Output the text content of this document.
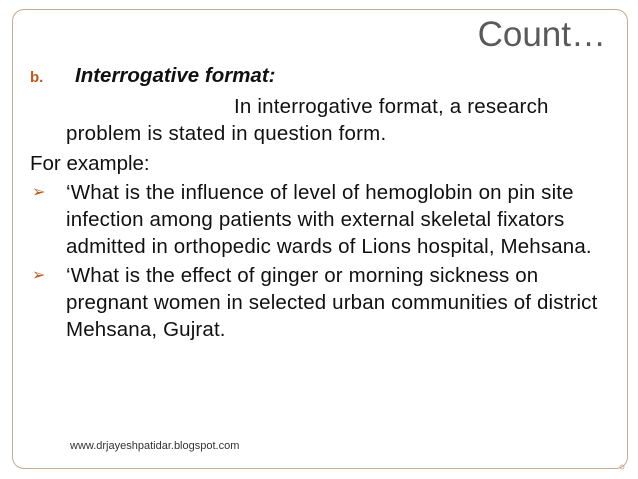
Count…
b.	Interrogative format:
In interrogative format, a research problem is stated in question form.
For example:
➢	‘What is the influence of level of hemoglobin on pin site infection among patients with external skeletal fixators admitted in orthopedic wards of Lions hospital, Mehsana.
➢	‘What is the effect of ginger or morning sickness on pregnant women in selected urban communities of district Mehsana, Gujrat.
www.drjayeshpatidar.blogspot.com
